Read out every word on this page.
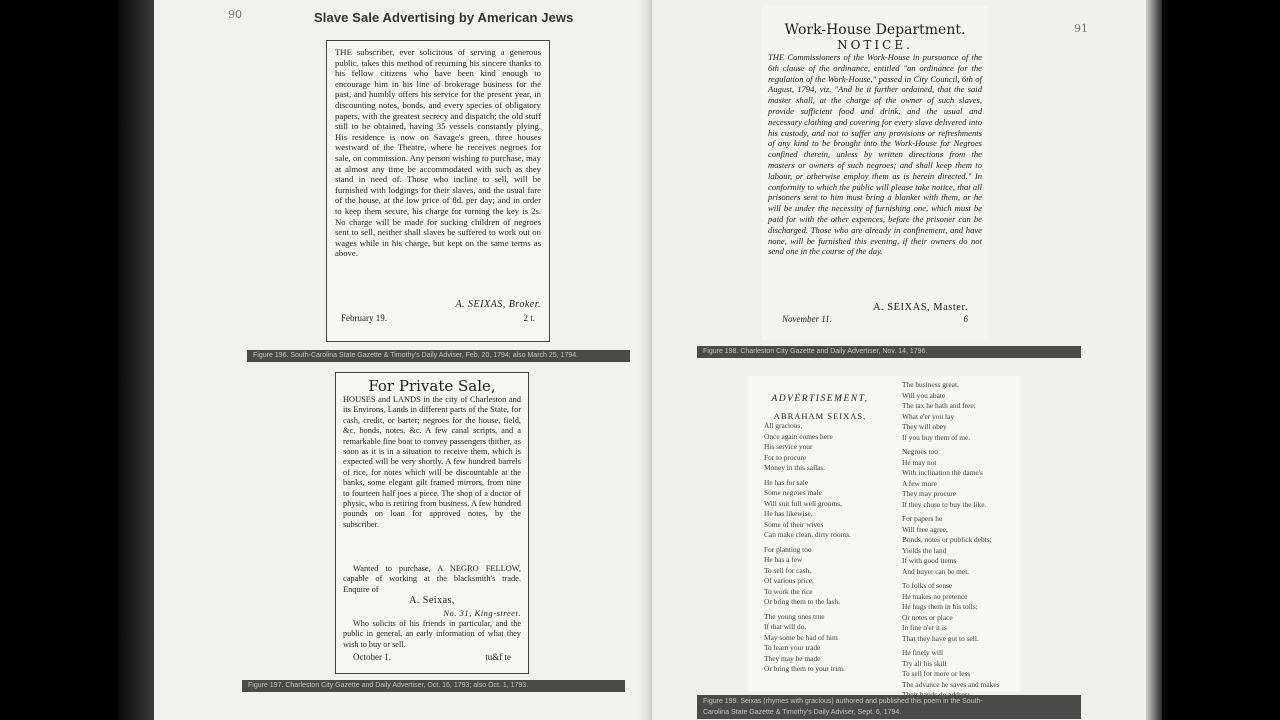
90	Slave Sale Advertising by American Jews
THE subscriber, ever solicitous of serving a generous public, takes this method of returning his sincere thanks to his fellow citizens who have been kind enough to encourage him in his line of brokerage business for the past, and humbly offers his service for the present year, in discounting notes, bonds, and every species of obligatory papers, with the greatest secrecy and dispatch; the old stuff still to be obtained, having 35 vessels constantly plying. His residence is now on Savage's green, three houses westward of the Theatre, where he receives negroes for sale, on commission. Any person wishing to purchase, may at almost any time be accommodated with such as they stand in need of. Those who incline to sell, will be furnished with lodgings for their slaves, and the usual fare of the house, at the low price of 8d. per day; and in order to keep them secure, his charge for turning the key is 2s. No charge will be made for sucking children of negroes sent to sell, neither shall slaves be suffered to work out on wages while in his charge, but kept on the same terms as above.
A. SEIXAS, Broker.
February 19.	2 t.
Figure 196. South-Carolina State Gazette & Timothy's Daily Adviser, Feb. 20, 1794; also March 25, 1794.
For Private Sale,
HOUSES and LANDS in the city of Charleston and its Environs, Lands in different parts of the State, for cash, credit, or barter; negroes for the house, field, &c. bonds, notes, &c. A few canal scripts, and a remarkable fine boat to convey passengers thither, as soon as it is in a situation to receive them, which is expected will be very shortly. A few hundred barrels of rice, for notes which will be discountable at the banks, some elegant gilt framed mirrors, from nine to fourteen half joes a piece. The shop of a doctor of physic, who is retiring from business. A few hundred pounds on loan for approved notes, by the subscriber.
Wanted to purchase, A NEGRO FELLOW, capable of working at the blacksmith's trade. Enquire of
A. Seixas,
No. 31, King-street.
Who solicits of his friends in particular, and the public in general, an early information of what they wish to buy or sell.
October 1.	tu&f te
Figure 197. Charleston City Gazette and Daily Advertiser, Oct. 16, 1793; also Oct. 1, 1793.
91
Work-House Department.
NOTICE.
THE Commissioners of the Work-House in pursuance of the 6th clause of the ordinance, entitled "an ordinance for the regulation of the Work-House," passed in City Council, 6th of August, 1794, viz. "And be it further ordained, that the said master shall, at the charge of the owner of such slaves, provide sufficient food and drink, and the usual and necessary clothing and covering for every slave delivered into his custody, and not to suffer any provisions or refreshments of any kind to be brought into the Work-House for Negroes confined therein, unless by written directions from the masters or owners of such negroes; and shall keep them to labour, or otherwise employ them as is herein directed." In conformity to which the public will please take notice, that all prisoners sent to him must bring a blanket with them, or he will be under the necessity of furnishing one, which must be paid for with the other expences, before the prisoner can be discharged. Those who are already in confinement, and have none, will be furnished this evening, if their owners do not send one in the course of the day.
A. SEIXAS, Master.
November 11.	6
Figure 198. Charleston City Gazette and Daily Advertiser, Nov. 14, 1796.
ADVERTISEMENT,
ABRAHAM SEIXAS,
All gracious,
Once again comes here
His service your
For to procure
Money in this sallas.

He has for sale
Some negroes male
Will suit full well grooms,
He has likewise,
Some of their wives
Can make clean, dirty rooms.

For planting too
He has a few
To sell for cash,
Of various price,
To work the rice
Or bring them to the lash.

The young ones true
If that will do,
May some be had of him
To learn your trade
They may be made
Or bring them to your trim.
The business great,
Will you abate
The tax he hath and free;
What e'er you lay
They will obey
If you buy them of me.

Negroes too
He may not
With inclination the dame's
A few more
They may procure
If they chuse to buy the like.

For papers he
Will free agree,
Bonds, notes or publick debts;
Yields the land
If with good items
And buyer can be met.

To folks of sense
He makes no pretence
He hugs them in his toils;
Or notes or place
In fine o'er it is
That they have got to sell.

He finely will
Try all his skill
To sell for more or less
The advance he saves and makes
Figure 199. Seixas (rhymes with gracious) authored and published this poem in the South-
Carolina State Gazette & Timothy's Daily Adviser, Sept. 6, 1794.
